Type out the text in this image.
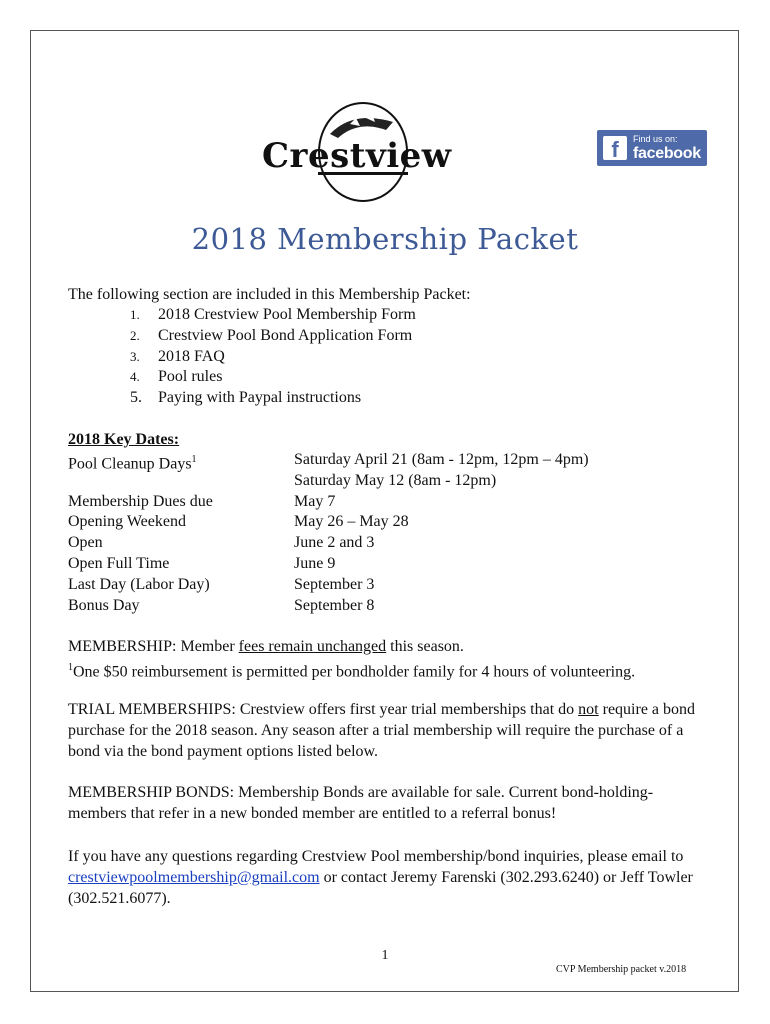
Crestview	f	Find us on:
facebook
2018 Membership Packet
The following section are included in this Membership Packet:
1. 2018 Crestview Pool Membership Form
2. Crestview Pool Bond Application Form
3. 2018 FAQ
4. Pool rules
5. Paying with Paypal instructions
2018 Key Dates:
Pool Cleanup Days$^1$	Saturday April 21 (8am - 12pm, 12pm – 4pm)
Saturday May 12 (8am - 12pm)
Membership Dues due	May 7
Opening Weekend	May 26 – May 28
Open	June 2 and 3
Open Full Time	June 9
Last Day (Labor Day)	September 3
Bonus Day	September 8
MEMBERSHIP: Member fees remain unchanged this season.
$^1$One $50 reimbursement is permitted per bondholder family for 4 hours of volunteering.
TRIAL MEMBERSHIPS: Crestview offers first year trial memberships that do not require a bond purchase for the 2018 season. Any season after a trial membership will require the purchase of a bond via the bond payment options listed below.
MEMBERSHIP BONDS: Membership Bonds are available for sale. Current bond-holding-members that refer in a new bonded member are entitled to a referral bonus!
If you have any questions regarding Crestview Pool membership/bond inquiries, please email to crestviewpoolmembership@gmail.com or contact Jeremy Farenski (302.293.6240) or Jeff Towler (302.521.6077).
1
CVP Membership packet v.2018
